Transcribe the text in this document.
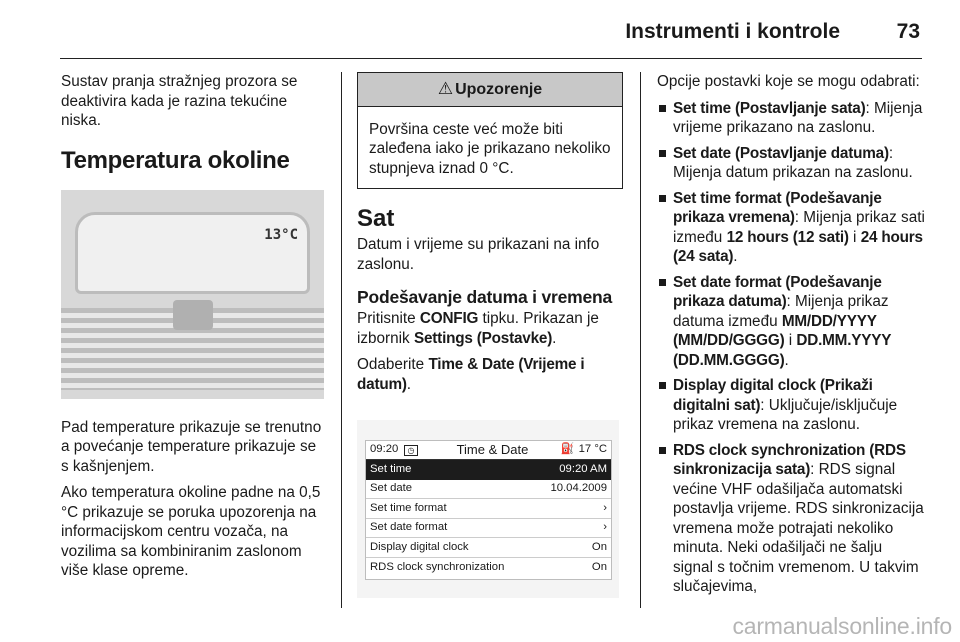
Instrumenti i kontrole	73

Sustav pranja stražnjeg prozora se deaktivira kada je razina tekućine niska.

Temperatura okoline
13°C

Pad temperature prikazuje se trenutno a povećanje temperature prikazuje se s kašnjenjem.

Ako temperatura okoline padne na 0,5 °C prikazuje se poruka upozorenja na informacijskom centru vozača, na vozilima sa kombiniranim zaslonom više klase opreme.

⚠ Upozorenje
Površina ceste već može biti zaleđena iako je prikazano nekoliko stupnjeva iznad 0 °C.
Sat

Datum i vrijeme su prikazani na info zaslonu.

Podešavanje datuma i vremena

Pritisnite CONFIG tipku. Prikazan je izbornik Settings (Postavke).

Odaberite Time & Date (Vrijeme i datum).

09:20	◷	Time & Date	⛽ 17 °C
Set time	09:20 AM
Set date	10.04.2009
Set time format	›
Set date format	›
Display digital clock	On
RDS clock synchronization	On

Opcije postavki koje se mogu odabrati:

Set time (Postavljanje sata): Mijenja vrijeme prikazano na zaslonu.
Set date (Postavljanje datuma): Mijenja datum prikazan na zaslonu.
Set time format (Podešavanje prikaza vremena): Mijenja prikaz sati između 12 hours (12 sati) i 24 hours (24 sata).
Set date format (Podešavanje prikaza datuma): Mijenja prikaz datuma između MM/DD/YYYY (MM/DD/GGGG) i DD.MM.YYYY (DD.MM.GGGG).
Display digital clock (Prikaži digitalni sat): Uključuje/isključuje prikaz vremena na zaslonu.
RDS clock synchronization (RDS sinkronizacija sata): RDS signal većine VHF odašiljača automatski postavlja vrijeme. RDS sinkronizacija vremena može potrajati nekoliko minuta. Neki odašiljači ne šalju signal s točnim vremenom. U takvim slučajevima,
carmanualsonline.info
